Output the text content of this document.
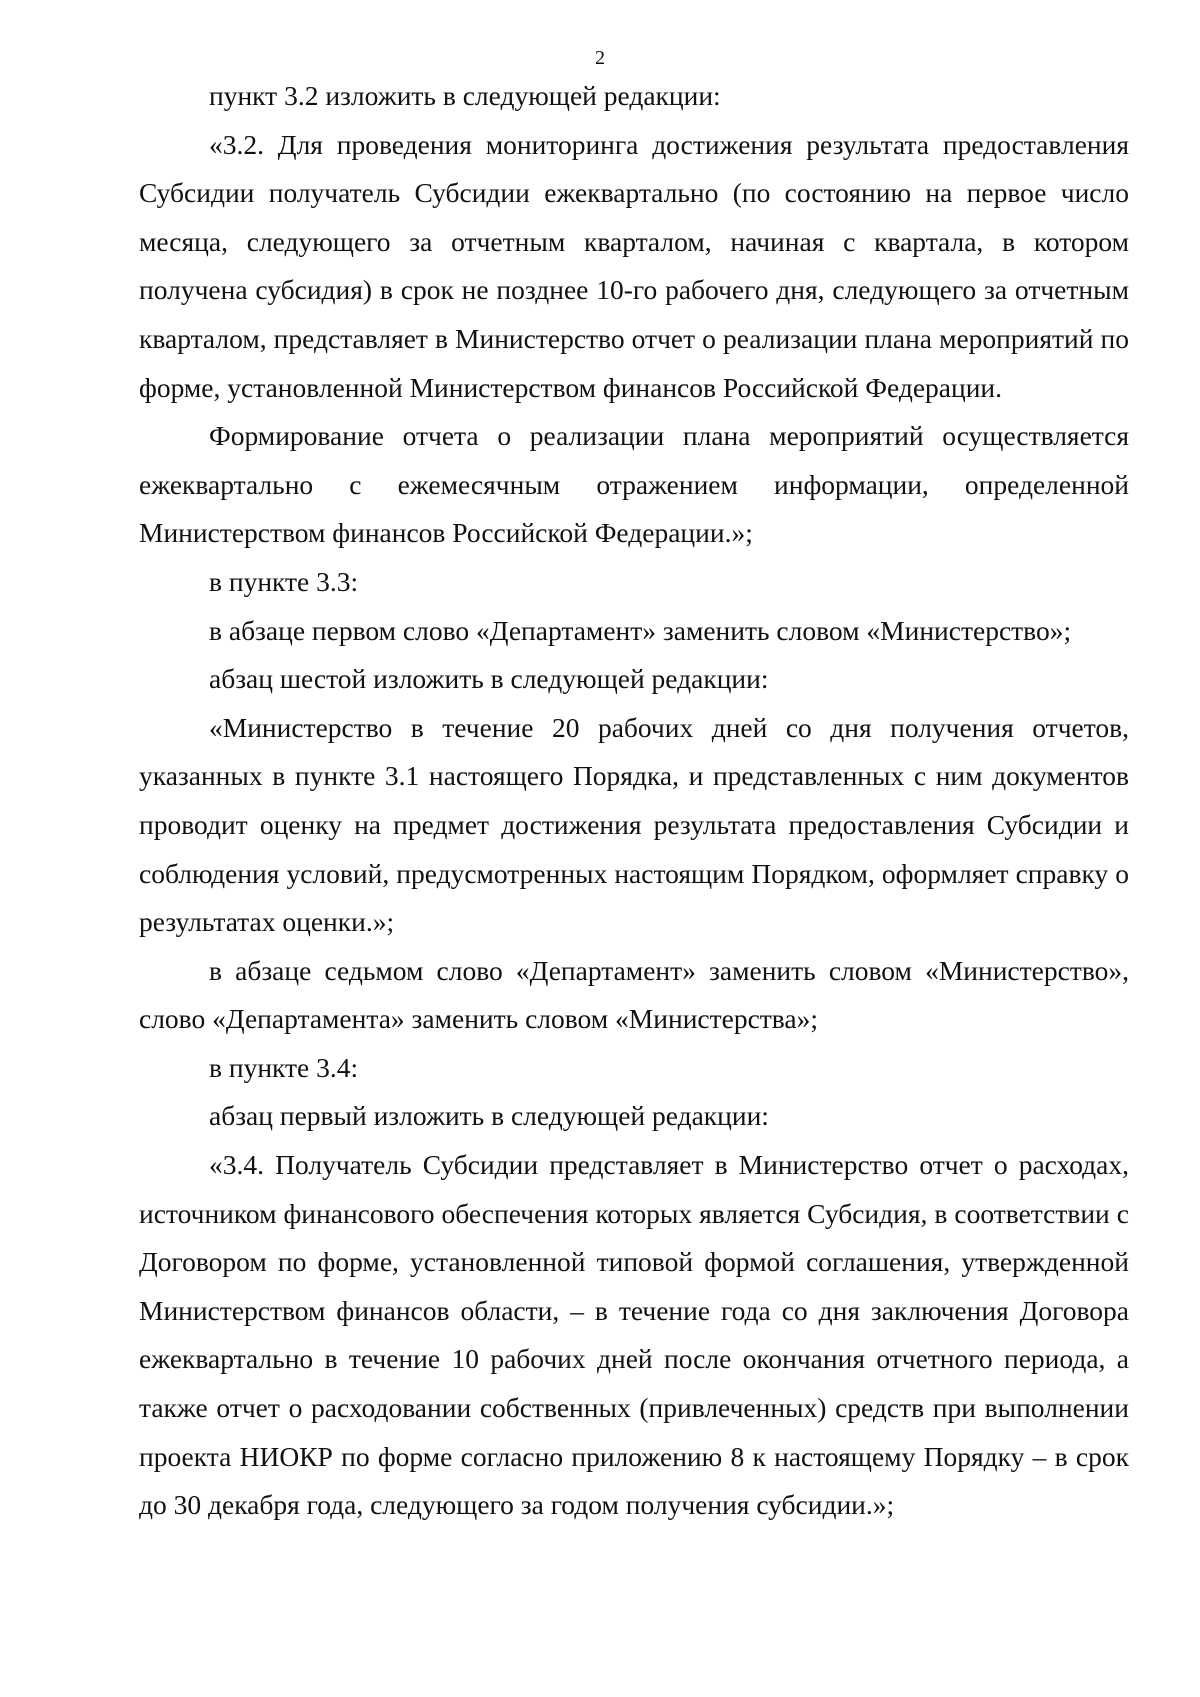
2

пункт 3.2 изложить в следующей редакции:

«3.2. Для проведения мониторинга достижения результата предоставления Субсидии получатель Субсидии ежеквартально (по состоянию на первое число месяца, следующего за отчетным кварталом, начиная с квартала, в котором получена субсидия) в срок не позднее 10-го рабочего дня, следующего за отчетным кварталом, представляет в Министерство отчет о реализации плана мероприятий по форме, установленной Министерством финансов Российской Федерации.

Формирование отчета о реализации плана мероприятий осуществляется ежеквартально с ежемесячным отражением информации, определенной Министерством финансов Российской Федерации.»;

в пункте 3.3:

в абзаце первом слово «Департамент» заменить словом «Министерство»;

абзац шестой изложить в следующей редакции:

«Министерство в течение 20 рабочих дней со дня получения отчетов, указанных в пункте 3.1 настоящего Порядка, и представленных с ним документов проводит оценку на предмет достижения результата предоставления Субсидии и соблюдения условий, предусмотренных настоящим Порядком, оформляет справку о результатах оценки.»;

в абзаце седьмом слово «Департамент» заменить словом «Министерство», слово «Департамента» заменить словом «Министерства»;

в пункте 3.4:

абзац первый изложить в следующей редакции:

«3.4. Получатель Субсидии представляет в Министерство отчет о расходах, источником финансового обеспечения которых является Субсидия, в соответствии с Договором по форме, установленной типовой формой соглашения, утвержденной Министерством финансов области, – в течение года со дня заключения Договора ежеквартально в течение 10 рабочих дней после окончания отчетного периода, а также отчет о расходовании собственных (привлеченных) средств при выполнении проекта НИОКР по форме согласно приложению 8 к настоящему Порядку – в срок до 30 декабря года, следующего за годом получения субсидии.»;
